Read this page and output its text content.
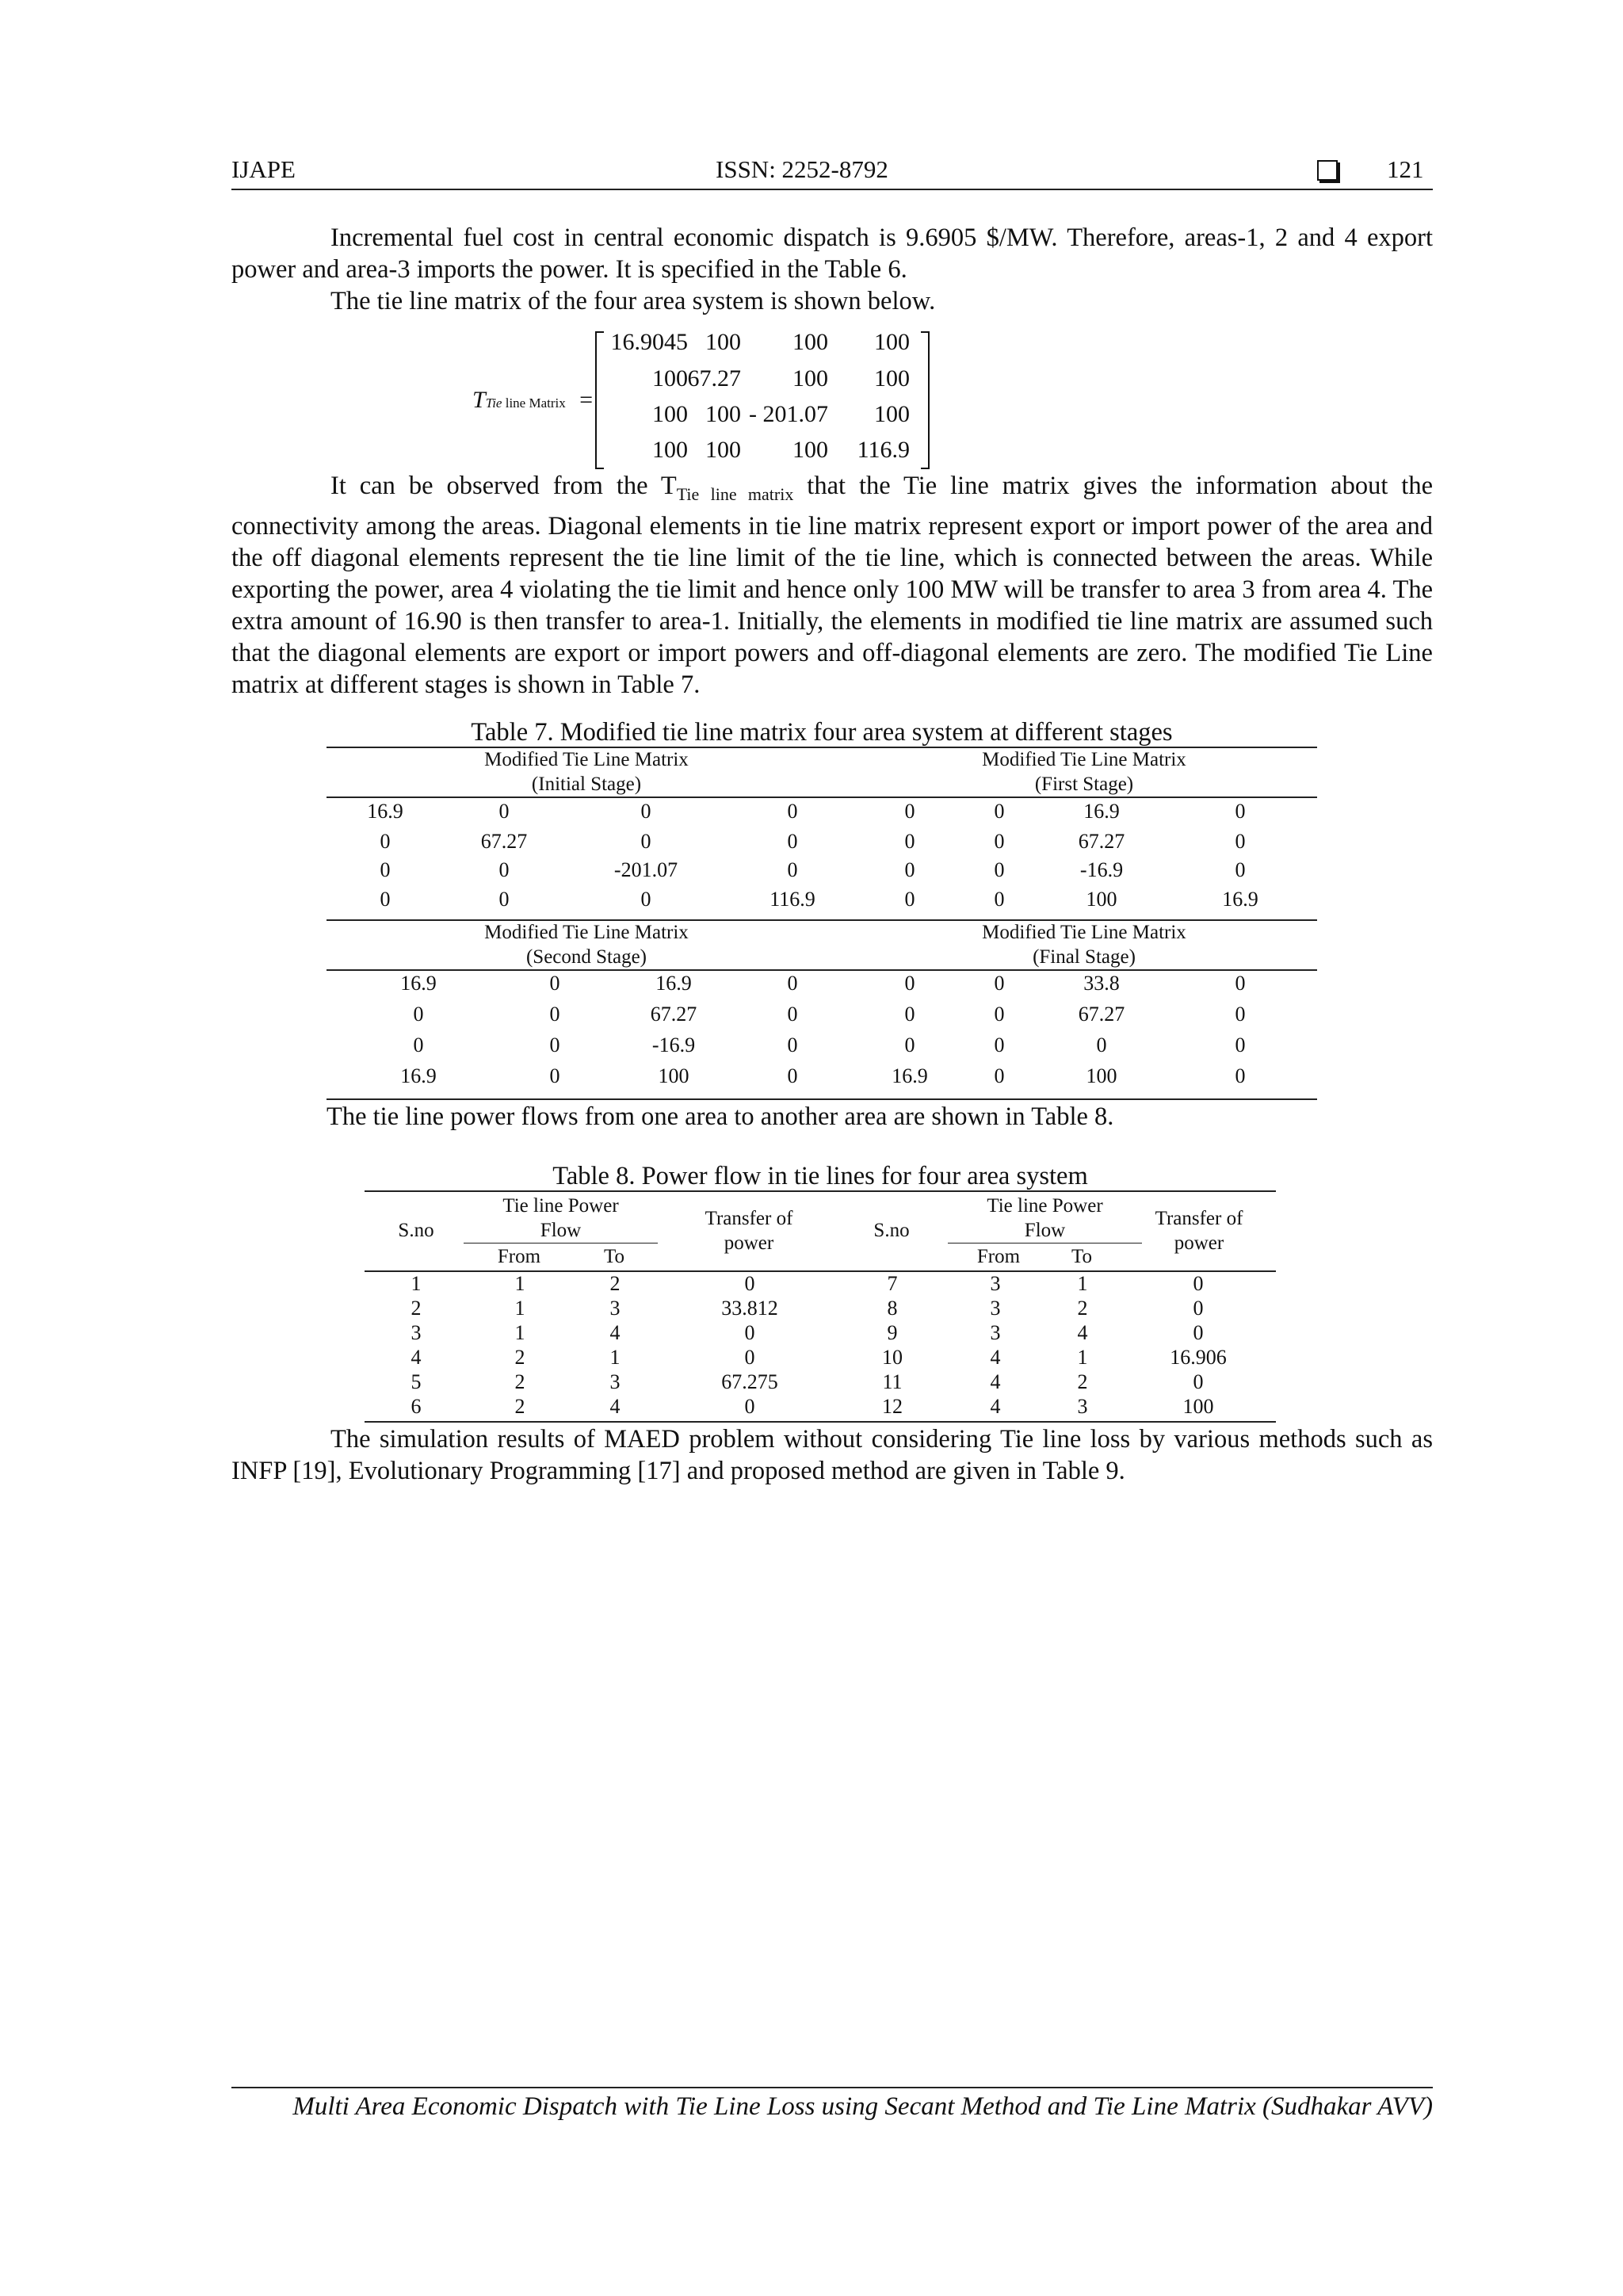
IJAPE	ISSN: 2252-8792	121
Incremental fuel cost in central economic dispatch is 9.6905 $/MW. Therefore, areas-1, 2 and 4 export power and area-3 imports the power. It is specified in the Table 6.
The tie line matrix of the four area system is shown below.
TTie line Matrix =
16.9045 100	100	100
100 67.27	100	100
100 100 - 201.07	100
100 100	100	116.9
It can be observed from the $T_{Tie line matrix}$ that the Tie line matrix gives the information about the connectivity among the areas. Diagonal elements in tie line matrix represent export or import power of the area and the off diagonal elements represent the tie line limit of the tie line, which is connected between the areas. While exporting the power, area 4 violating the tie limit and hence only 100 MW will be transfer to area 3 from area 4. The extra amount of 16.90 is then transfer to area-1. Initially, the elements in modified tie line matrix are assumed such that the diagonal elements are export or import powers and off-diagonal elements are zero. The modified Tie Line matrix at different stages is shown in Table 7.
Table 7. Modified tie line matrix four area system at different stages
Modified Tie Line Matrix
(Initial Stage)
Modified Tie Line Matrix
(First Stage)
16.9	0	0	0	0	0	16.9	0
0	67.27	0	0	0	0	67.27	0
0	0	-201.07	0	0	0	-16.9	0
0	0	0	116.9	0	0	100	16.9
Modified Tie Line Matrix
(Second Stage)
Modified Tie Line Matrix
(Final Stage)
16.9	0	16.9	0	0	0	33.8	0
0	0	67.27	0	0	0	67.27	0
0	0	-16.9	0	0	0	0	0
16.9	0	100	0	16.9	0	100	0
The tie line power flows from one area to another area are shown in Table 8.
Table 8. Power flow in tie lines for four area system
S.no
Tie line Power
Flow
From	To
Transfer of
power
S.no
Tie line Power
Flow
From	To
Transfer of
power
1	1	2	0	7	3	1	0
2	1	3	33.812	8	3	2	0
3	1	4	0	9	3	4	0
4	2	1	0	10	4	1	16.906
5	2	3	67.275	11	4	2	0
6	2	4	0	12	4	3	100
The simulation results of MAED problem without considering Tie line loss by various methods such as INFP [19], Evolutionary Programming [17] and proposed method are given in Table 9.
Multi Area Economic Dispatch with Tie Line Loss using Secant Method and Tie Line Matrix (Sudhakar AVV)
